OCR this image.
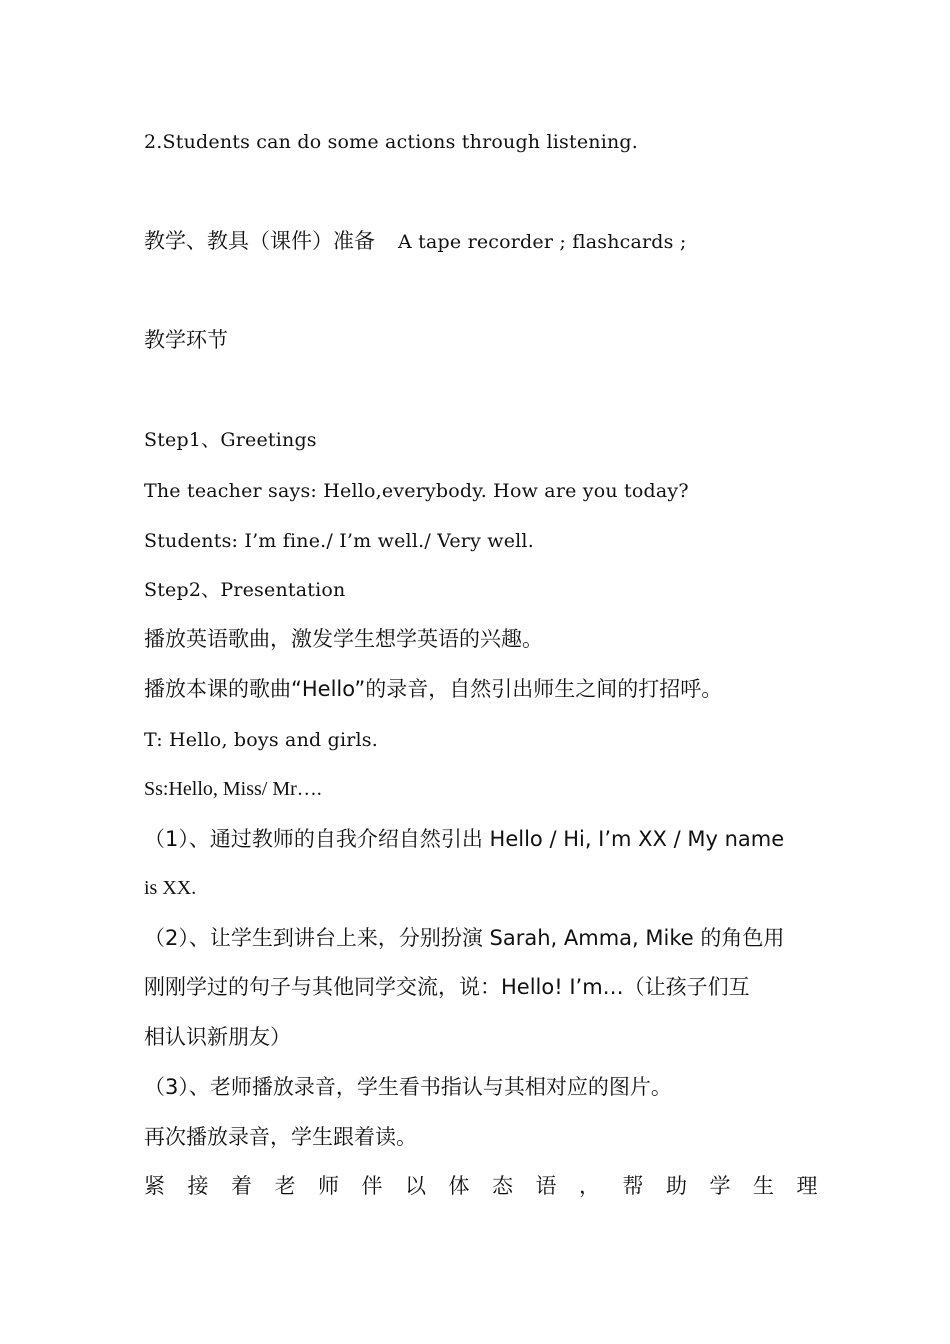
2.Students can do some actions through listening.
教学、教具（课件）准备 A tape recorder ; flashcards ;
教学环节
Step1、Greetings
The teacher says: Hello,everybody. How are you today?
Students: I’m fine./ I’m well./ Very well.
Step2、Presentation
播放英语歌曲，激发学生想学英语的兴趣。
播放本课的歌曲“Hello”的录音，自然引出师生之间的打招呼。
T: Hello, boys and girls.
Ss:Hello, Miss/ Mr….
（1）、通过教师的自我介绍自然引出 Hello / Hi, I’m XX / My name
is XX.
（2）、让学生到讲台上来，分别扮演 Sarah, Amma, Mike 的角色用
刚刚学过的句子与其他同学交流，说：Hello! I’m…（让孩子们互
相认识新朋友）
（3）、老师播放录音，学生看书指认与其相对应的图片。
再次播放录音，学生跟着读。
紧接着老师伴以体态语，帮助学生理
